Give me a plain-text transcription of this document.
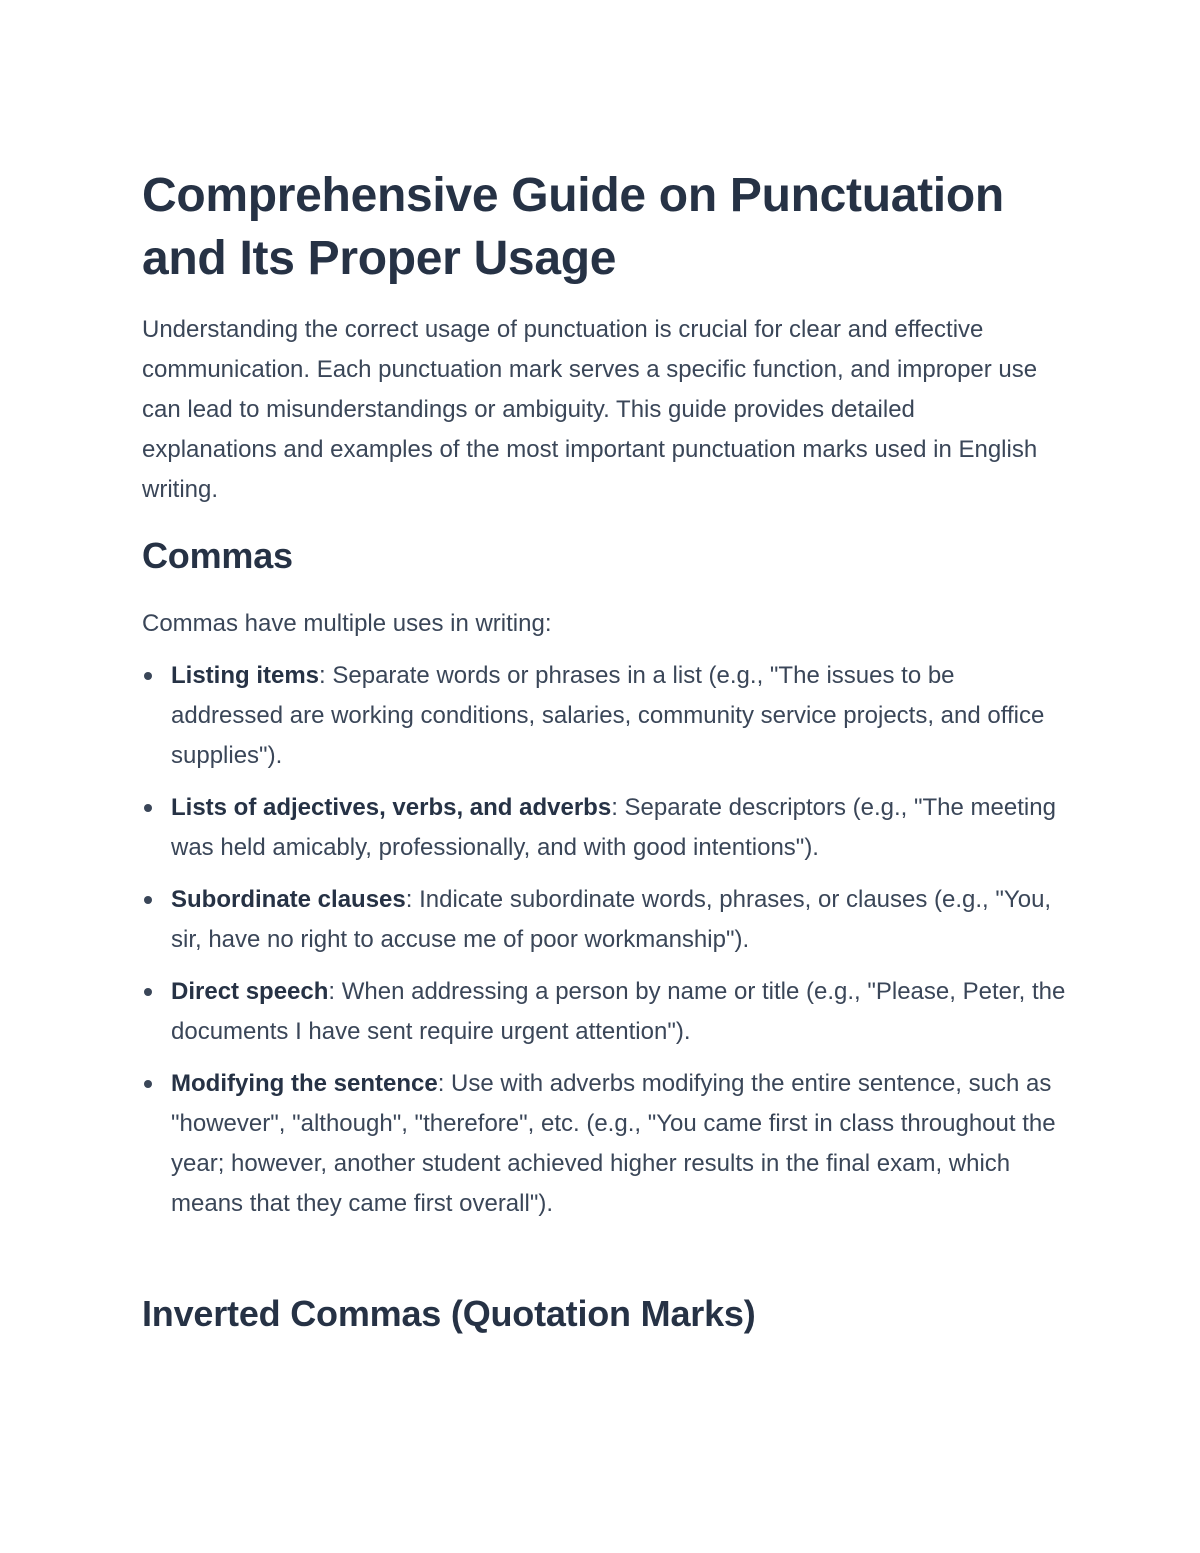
Comprehensive Guide on Punctuation and Its Proper Usage

Understanding the correct usage of punctuation is crucial for clear and effective communication. Each punctuation mark serves a specific function, and improper use can lead to misunderstandings or ambiguity. This guide provides detailed explanations and examples of the most important punctuation marks used in English writing.

Commas

Commas have multiple uses in writing:

Listing items: Separate words or phrases in a list (e.g., "The issues to be addressed are working conditions, salaries, community service projects, and office supplies").
Lists of adjectives, verbs, and adverbs: Separate descriptors (e.g., "The meeting was held amicably, professionally, and with good intentions").
Subordinate clauses: Indicate subordinate words, phrases, or clauses (e.g., "You, sir, have no right to accuse me of poor workmanship").
Direct speech: When addressing a person by name or title (e.g., "Please, Peter, the documents I have sent require urgent attention").
Modifying the sentence: Use with adverbs modifying the entire sentence, such as "however", "although", "therefore", etc. (e.g., "You came first in class throughout the year; however, another student achieved higher results in the final exam, which means that they came first overall").
Inverted Commas (Quotation Marks)
